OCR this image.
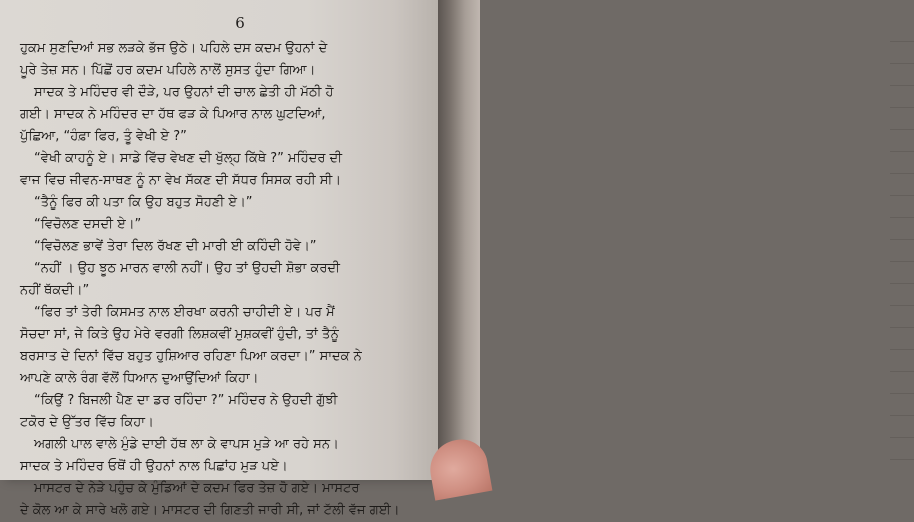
6
ਹੁਕਮ ਸੁਣਦਿਆਂ ਸਭ ਲੜਕੇ ਭੱਜ ਉਠੇ। ਪਹਿਲੇ ਦਸ ਕਦਮ ਉਹਨਾਂ ਦੇ
ਪੂਰੇ ਤੇਜ਼ ਸਨ। ਪਿੱਛੋਂ ਹਰ ਕਦਮ ਪਹਿਲੇ ਨਾਲੋਂ ਸੁਸਤ ਹੁੰਦਾ ਗਿਆ।
ਸਾਦਕ ਤੇ ਮਹਿੰਦਰ ਵੀ ਦੌੜੇ, ਪਰ ਉਹਨਾਂ ਦੀ ਚਾਲ ਛੇਤੀ ਹੀ ਮੱਠੀ ਹੋ
ਗਈ। ਸਾਦਕ ਨੇ ਮਹਿੰਦਰ ਦਾ ਹੱਥ ਫੜ ਕੇ ਪਿਆਰ ਨਾਲ ਘੁਟਦਿਆਂ,
ਪੁੱਛਿਆ, “ਹੰਫ਼ਾ ਫਿਰ, ਤੂੰ ਵੇਖੀ ਏ ?”
“ਵੇਖੀ ਕਾਹਨੂੰ ਏ। ਸਾਡੇ ਵਿੱਚ ਵੇਖਣ ਦੀ ਖੁੱਲ੍ਹ ਕਿੱਥੇ ?” ਮਹਿੰਦਰ ਦੀ
ਵਾਜ ਵਿਚ ਜੀਵਨ-ਸਾਥਣ ਨੂੰ ਨਾ ਵੇਖ ਸੱਕਣ ਦੀ ਸੱਧਰ ਸਿਸਕ ਰਹੀ ਸੀ।
“ਤੈਨੂੰ ਫਿਰ ਕੀ ਪਤਾ ਕਿ ਉਹ ਬਹੁਤ ਸੋਹਣੀ ਏ।”
“ਵਿਚੋਲਣ ਦਸਦੀ ਏ।”
“ਵਿਚੋਲਣ ਭਾਵੇਂ ਤੇਰਾ ਦਿਲ ਰੱਖਣ ਦੀ ਮਾਰੀ ਈ ਕਹਿੰਦੀ ਹੋਵੇ।”
“ਨਹੀਂ । ਉਹ ਝੂਠ ਮਾਰਨ ਵਾਲੀ ਨਹੀਂ। ਉਹ ਤਾਂ ਉਹਦੀ ਸ਼ੋਭਾ ਕਰਦੀ
ਨਹੀਂ ਥੱਕਦੀ।”
“ਫਿਰ ਤਾਂ ਤੇਰੀ ਕਿਸਮਤ ਨਾਲ ਈਰਖਾ ਕਰਨੀ ਚਾਹੀਦੀ ਏ। ਪਰ ਮੈਂ
ਸੋਚਦਾ ਸਾਂ, ਜੇ ਕਿਤੇ ਉਹ ਮੇਰੇ ਵਰਗੀ ਲਿਸ਼ਕਵੀਂ ਮੁਸ਼ਕਵੀਂ ਹੁੰਦੀ, ਤਾਂ ਤੈਨੂੰ
ਬਰਸਾਤ ਦੇ ਦਿਨਾਂ ਵਿੱਚ ਬਹੁਤ ਹੁਸ਼ਿਆਰ ਰਹਿਣਾ ਪਿਆ ਕਰਦਾ।” ਸਾਦਕ ਨੇ
ਆਪਣੇ ਕਾਲੇ ਰੰਗ ਵੱਲੋਂ ਧਿਆਨ ਦੁਆਉਂਦਿਆਂ ਕਿਹਾ।
“ਕਿਉਂ ? ਬਿਜਲੀ ਪੈਣ ਦਾ ਡਰ ਰਹਿੰਦਾ ?” ਮਹਿੰਦਰ ਨੇ ਉਹਦੀ ਗੁੱਝੀ
ਟਕੋਰ ਦੇ ਉੱਤਰ ਵਿੱਚ ਕਿਹਾ।
ਅਗਲੀ ਪਾਲ ਵਾਲੇ ਮੁੰਡੇ ਦਾਈ ਹੱਥ ਲਾ ਕੇ ਵਾਪਸ ਮੁੜੇ ਆ ਰਹੇ ਸਨ।
ਸਾਦਕ ਤੇ ਮਹਿੰਦਰ ਓਥੋਂ ਹੀ ਉਹਨਾਂ ਨਾਲ ਪਿਛਾਂਹ ਮੁੜ ਪਏ।
ਮਾਸਟਰ ਦੇ ਨੇੜੇ ਪਹੁੰਚ ਕੇ ਮੁੰਡਿਆਂ ਦੇ ਕਦਮ ਫਿਰ ਤੇਜ਼ ਹੋ ਗਏ। ਮਾਸਟਰ
ਦੇ ਕੋਲ ਆ ਕੇ ਸਾਰੇ ਖਲੋ ਗਏ। ਮਾਸਟਰ ਦੀ ਗਿਣਤੀ ਜਾਰੀ ਸੀ, ਜਾਂ ਟੱਲੀ ਵੱਜ ਗਈ।
